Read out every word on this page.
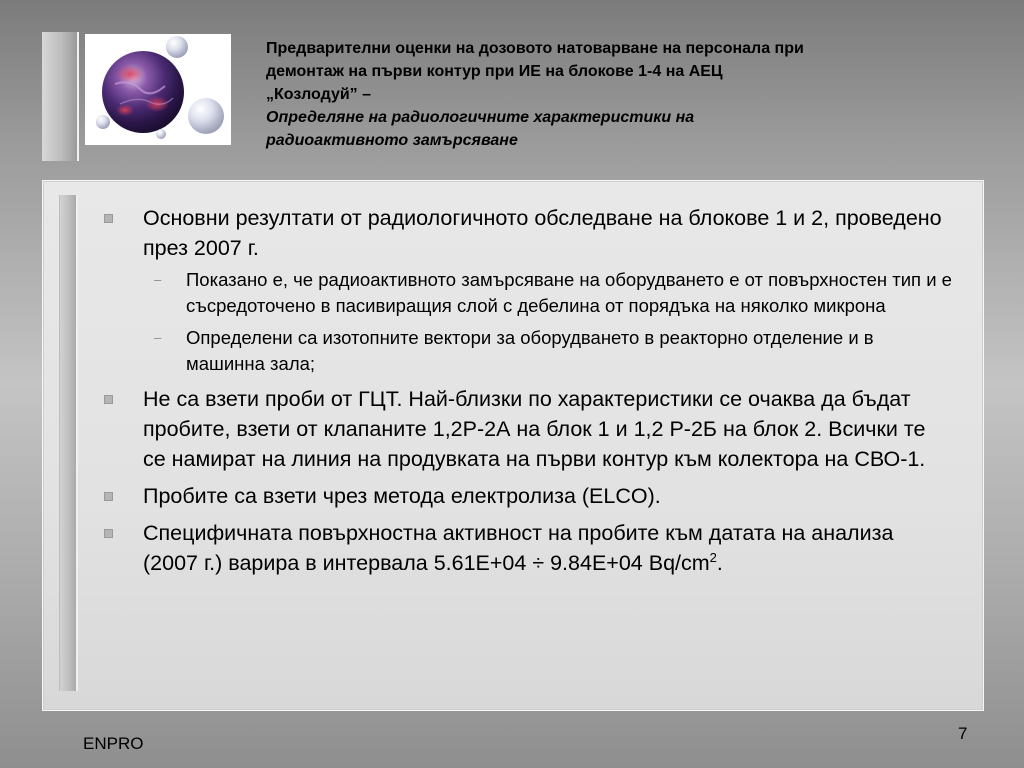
Предварителни оценки на дозовото натоварване на персонала при
демонтаж на първи контур при ИЕ на блокове 1-4 на АЕЦ
„Козлодуй” –
Определяне на радиологичните характеристики на
радиоактивното замърсяване
Основни резултати от радиологичното обследване на блокове 1 и 2, проведено през 2007 г.
– Показано е, че радиоактивното замърсяване на оборудването е от повърхностен тип и е съсредоточено в пасивиращия слой с дебелина от порядъка на няколко микрона
– Определени са изотопните вектори за оборудването в реакторно отделение и в машинна зала;
Не са взети проби от ГЦТ. Най-близки по характеристики се очаква да бъдат пробите, взети от клапаните 1,2Р-2А на блок 1 и 1,2 Р-2Б на блок 2. Всички те се намират на линия на продувката на първи контур към колектора на СВО-1.
Пробите са взети чрез метода електролиза (ELCO).
Специфичната повърхностна активност на пробите към датата на анализа (2007 г.) варира в интервала 5.61Е+04 ÷ 9.84Е+04 $Bq/cm^2$.
ENPRO
7
